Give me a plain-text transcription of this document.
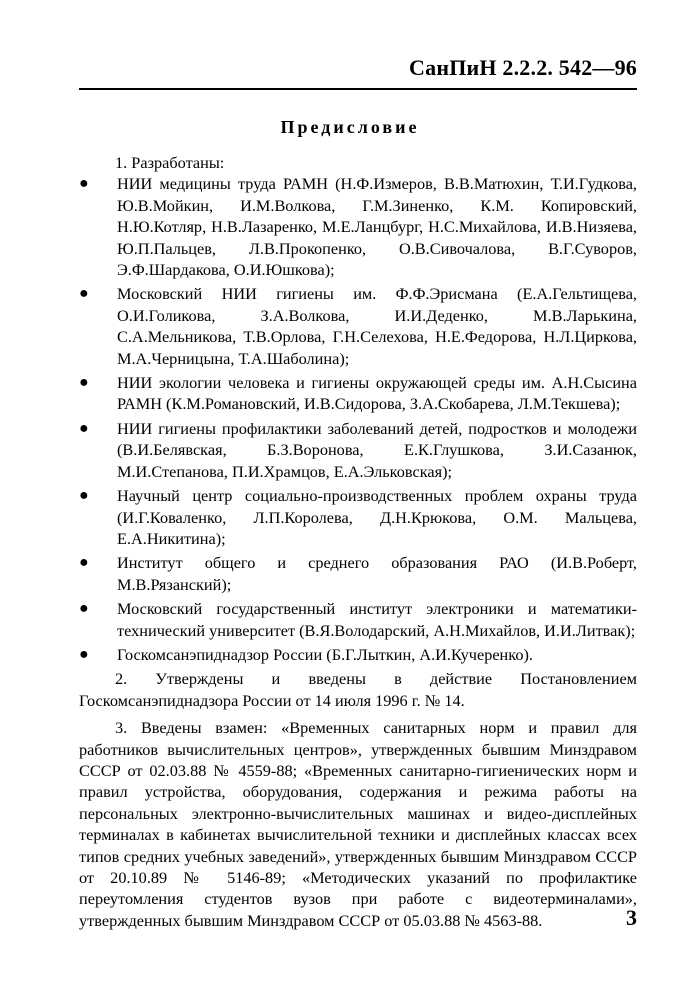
СанПиН 2.2.2. 542—96
Предисловие

1. Разработаны:

● НИИ медицины труда РАМН (Н.Ф.Измеров, В.В.Матюхин, Т.И.Гудкова, Ю.В.Мойкин, И.М.Волкова, Г.М.Зиненко, К.М. Копировский, Н.Ю.Котляр, Н.В.Лазаренко, М.Е.Ланцбург, Н.С.Михайлова, И.В.Низяева, Ю.П.Пальцев, Л.В.Прокопенко, О.В.Сивочалова, В.Г.Суворов, Э.Ф.Шардакова, О.И.Юшкова);
● Московский НИИ гигиены им. Ф.Ф.Эрисмана (Е.А.Гельтищева, О.И.Голикова, З.А.Волкова, И.И.Деденко, М.В.Ларькина, С.А.Мельникова, Т.В.Орлова, Г.Н.Селехова, Н.Е.Федорова, Н.Л.Циркова, М.А.Черницына, Т.А.Шаболина);
● НИИ экологии человека и гигиены окружающей среды им. А.Н.Сысина РАМН (К.М.Романовский, И.В.Сидорова, З.А.Скобарева, Л.М.Текшева);
● НИИ гигиены профилактики заболеваний детей, подростков и молодежи (В.И.Белявская, Б.З.Воронова, Е.К.Глушкова, З.И.Сазанюк, М.И.Степанова, П.И.Храмцов, Е.А.Эльковская);
● Научный центр социально-производственных проблем охраны труда (И.Г.Коваленко, Л.П.Королева, Д.Н.Крюкова, О.М. Мальцева, Е.А.Никитина);
● Институт общего и среднего образования РАО (И.В.Роберт, М.В.Рязанский);
● Московский государственный институт электроники и математики-технический университет (В.Я.Володарский, А.Н.Михайлов, И.И.Литвак);
● Госкомсанэпиднадзор России (Б.Г.Лыткин, А.И.Кучеренко).

2. Утверждены и введены в действие Постановлением Госкомсанэпиднадзора России от 14 июля 1996 г. № 14.

3. Введены взамен: «Временных санитарных норм и правил для работников вычислительных центров», утвержденных бывшим Минздравом СССР от 02.03.88 № 4559-88; «Временных санитарно-гигиенических норм и правил устройства, оборудования, содержания и режима работы на персональных электронно-вычислительных машинах и видео-дисплейных терминалах в кабинетах вычислительной техники и дисплейных классах всех типов средних учебных заведений», утвержденных бывшим Минздравом СССР от 20.10.89 № 5146-89; «Методических указаний по профилактике переутомления студентов вузов при работе с видеотерминалами», утвержденных бывшим Минздравом СССР от 05.03.88 № 4563-88.	3
